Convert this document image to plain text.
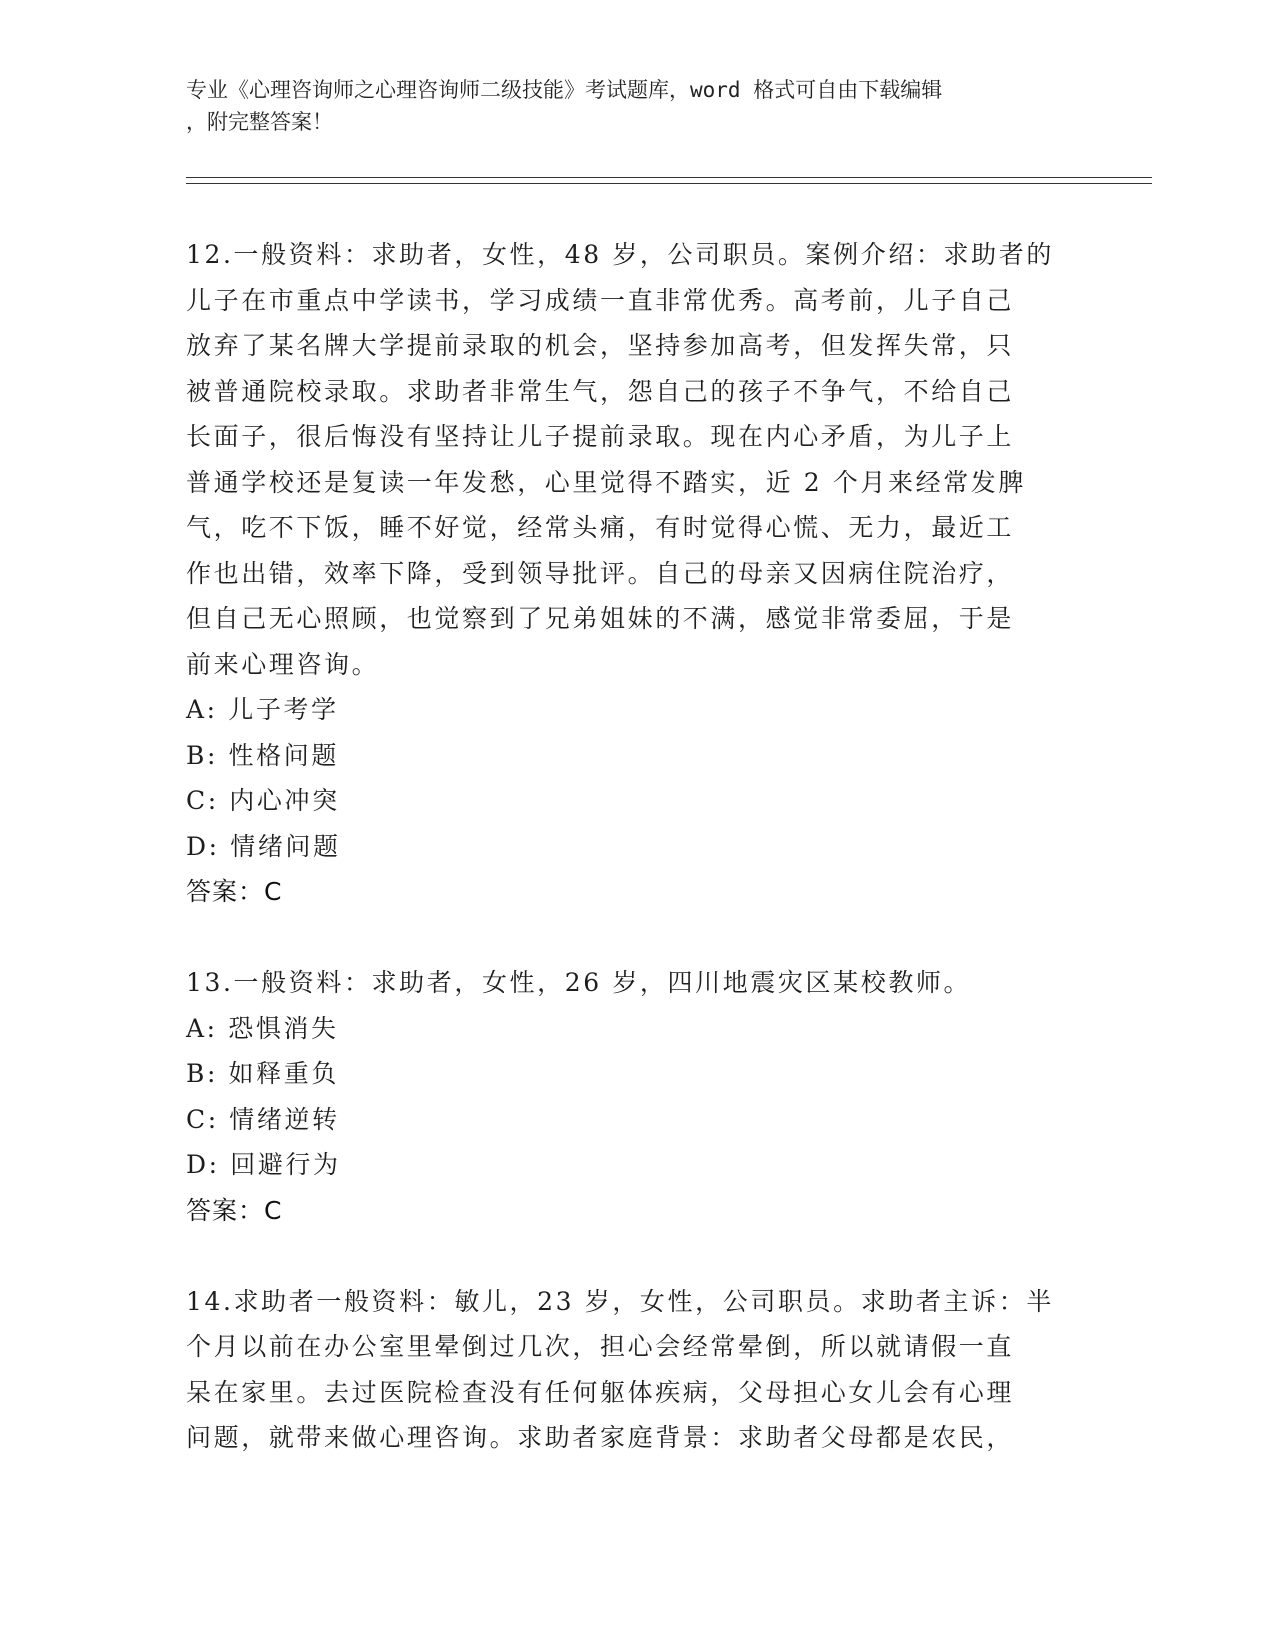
专业《心理咨询师之心理咨询师二级技能》考试题库，word 格式可自由下载编辑
，附完整答案！
12.一般资料：求助者，女性，48 岁，公司职员。案例介绍：求助者的
儿子在市重点中学读书，学习成绩一直非常优秀。高考前，儿子自己
放弃了某名牌大学提前录取的机会，坚持参加高考，但发挥失常，只
被普通院校录取。求助者非常生气，怨自己的孩子不争气，不给自己
长面子，很后悔没有坚持让儿子提前录取。现在内心矛盾，为儿子上
普通学校还是复读一年发愁，心里觉得不踏实，近 2 个月来经常发脾
气，吃不下饭，睡不好觉，经常头痛，有时觉得心慌、无力，最近工
作也出错，效率下降，受到领导批评。自己的母亲又因病住院治疗，
但自己无心照顾，也觉察到了兄弟姐妹的不满，感觉非常委屈，于是
前来心理咨询。
A: 儿子考学
B: 性格问题
C: 内心冲突
D: 情绪问题
答案：C
13.一般资料：求助者，女性，26 岁，四川地震灾区某校教师。
A: 恐惧消失
B: 如释重负
C: 情绪逆转
D: 回避行为
答案：C
14.求助者一般资料：敏儿，23 岁，女性，公司职员。求助者主诉：半
个月以前在办公室里晕倒过几次，担心会经常晕倒，所以就请假一直
呆在家里。去过医院检查没有任何躯体疾病，父母担心女儿会有心理
问题，就带来做心理咨询。求助者家庭背景：求助者父母都是农民，
